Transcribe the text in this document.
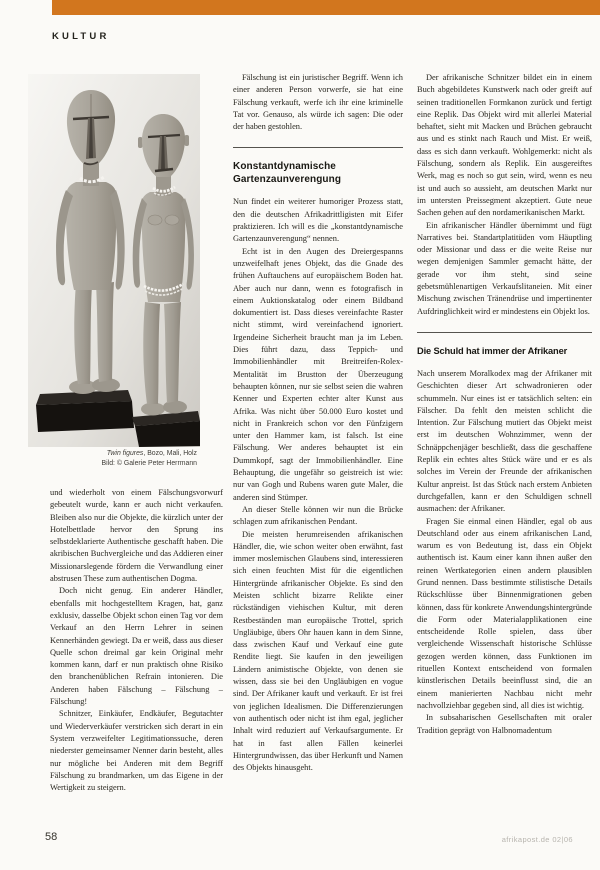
KULTUR
Twin figures, Bozo, Mali, Holz
Bild: © Galerie Peter Herrmann

und wiederholt von einem Fälschungsvorwurf gebeutelt wurde, kann er auch nicht verkaufen. Bleiben also nur die Objekte, die kürzlich unter der Hotelbettlade hervor den Sprung ins selbstdeklarierte Authentische geschafft haben. Die akribischen Buchvergleiche und das Addieren einer Missionarslegende fördern die Verwandlung einer abstrusen These zum authentischen Dogma.

Doch nicht genug. Ein anderer Händler, ebenfalls mit hochgestelltem Kragen, hat, ganz exklusiv, dasselbe Objekt schon einen Tag vor dem Verkauf an den Herrn Lehrer in seinen Kennerhänden gewiegt. Da er weiß, dass aus dieser Quelle schon dreimal gar kein Original mehr kommen kann, darf er nun praktisch ohne Risiko den branchenüblichen Refrain intonieren. Die Anderen haben Fälschung – Fälschung – Fälschung!

Schnitzer, Einkäufer, Endkäufer, Begutachter und Wiederverkäufer verstricken sich derart in ein System verzweifelter Legitimationssuche, deren niederster gemeinsamer Nenner darin besteht, alles nur mögliche bei Anderen mit dem Begriff Fälschung zu brandmarken, um das Eigene in der Wertigkeit zu steigern.

Fälschung ist ein juristischer Begriff. Wenn ich einer anderen Person vorwerfe, sie hat eine Fälschung verkauft, werfe ich ihr eine kriminelle Tat vor. Genauso, als würde ich sagen: Die oder der haben gestohlen.

Konstantdynamische Gartenzaunverengung

Nun findet ein weiterer humoriger Prozess statt, den die deutschen Afrikadrittligisten mit Eifer praktizieren. Ich will es die „konstantdynamische Gartenzaunverengung“ nennen.

Echt ist in den Augen des Dreiergespanns unzweifelhaft jenes Objekt, das die Gnade des frühen Auftauchens auf europäischem Boden hat. Aber auch nur dann, wenn es fotografisch in einem Auktionskatalog oder einem Bildband dokumentiert ist. Dass dieses vereinfachte Raster nicht stimmt, wird vereinfachend ignoriert. Irgendeine Sicherheit braucht man ja im Leben. Dies führt dazu, dass Teppich- und Immobilienhändler mit Breitreifen-Rolex-Mentalität im Brustton der Überzeugung behaupten können, nur sie selbst seien die wahren Kenner und Experten echter alter Kunst aus Afrika. Was nicht über 50.000 Euro kostet und nicht in Frankreich schon vor den Fünfzigern unter den Hammer kam, ist falsch. Ist eine Fälschung. Wer anderes behauptet ist ein Dummkopf, sagt der Immobilienhändler. Eine Behauptung, die ungefähr so geistreich ist wie: nur van Gogh und Rubens waren gute Maler, die anderen sind Stümper.

An dieser Stelle können wir nun die Brücke schlagen zum afrikanischen Pendant.

Die meisten herumreisenden afrikanischen Händler, die, wie schon weiter oben erwähnt, fast immer moslemischen Glaubens sind, interessieren sich einen feuchten Mist für die eigentlichen Hintergründe afrikanischer Objekte. Es sind den Meisten schlicht bizarre Relikte einer rückständigen viehischen Kultur, mit deren Restbeständen man europäische Trottel, sprich Ungläubige, übers Ohr hauen kann in dem Sinne, dass zwischen Kauf und Verkauf eine gute Rendite liegt. Sie kaufen in den jeweiligen Ländern animistische Objekte, von denen sie wissen, dass sie bei den Ungläubigen en vogue sind. Der Afrikaner kauft und verkauft. Er ist frei von jeglichen Idealismen. Die Differenzierungen von authentisch oder nicht ist ihm egal, jeglicher Inhalt wird reduziert auf Verkaufsargumente. Er hat in fast allen Fällen keinerlei Hintergrundwissen, das über Herkunft und Namen des Objekts hinausgeht.

Der afrikanische Schnitzer bildet ein in einem Buch abgebildetes Kunstwerk nach oder greift auf seinen traditionellen Formkanon zurück und fertigt eine Replik. Das Objekt wird mit allerlei Material behaftet, sieht mit Macken und Brüchen gebraucht aus und es stinkt nach Rauch und Mist. Er weiß, dass es sich dann verkauft. Wohlgemerkt: nicht als Fälschung, sondern als Replik. Ein ausgereiftes Werk, mag es noch so gut sein, wird, wenn es neu ist und auch so aussieht, am deutschen Markt nur im untersten Preissegment akzeptiert. Gute neue Sachen gehen auf den nordamerikanischen Markt.

Ein afrikanischer Händler übernimmt und fügt Narratives bei. Standartplatitüden vom Häuptling oder Missionar und dass er die weite Reise nur wegen demjenigen Sammler gemacht hätte, der gerade vor ihm steht, sind seine gebetsmühlenartigen Verkaufslitaneien. Mit einer Mischung zwischen Tränendrüse und impertinenter Aufdringlichkeit wird er mindestens ein Objekt los.

Die Schuld hat immer der Afrikaner

Nach unserem Moralkodex mag der Afrikaner mit Geschichten dieser Art schwadronieren oder schummeln. Nur eines ist er tatsächlich selten: ein Fälscher. Da fehlt den meisten schlicht die Intention. Zur Fälschung mutiert das Objekt meist erst im deutschen Wohnzimmer, wenn der Schnäppchenjäger beschließt, dass die geschaffene Replik ein echtes altes Stück wäre und er es als solches im Verein der Freunde der afrikanischen Kultur anpreist. Ist das Stück nach erstem Anbieten durchgefallen, kann er den Schuldigen schnell ausmachen: der Afrikaner.

Fragen Sie einmal einen Händler, egal ob aus Deutschland oder aus einem afrikanischen Land, warum es von Bedeutung ist, dass ein Objekt authentisch ist. Kaum einer kann ihnen außer den reinen Wertkategorien einen andern plausiblen Grund nennen. Dass bestimmte stilistische Details Rückschlüsse über Binnenmigrationen geben können, dass für konkrete Anwendungshintergründe die Form oder Materialapplikationen eine entscheidende Rolle spielen, dass über vergleichende Wissenschaft historische Schlüsse gezogen werden können, dass Funktionen im rituellen Kontext entscheidend von formalen künstlerischen Details beeinflusst sind, die an einem manierierten Nachbau nicht mehr nachvollziehbar gegeben sind, all dies ist wichtig.

In subsaharischen Gesellschaften mit oraler Tradition geprägt von Halbnomadentum

58	afrikapost.de 02|06
